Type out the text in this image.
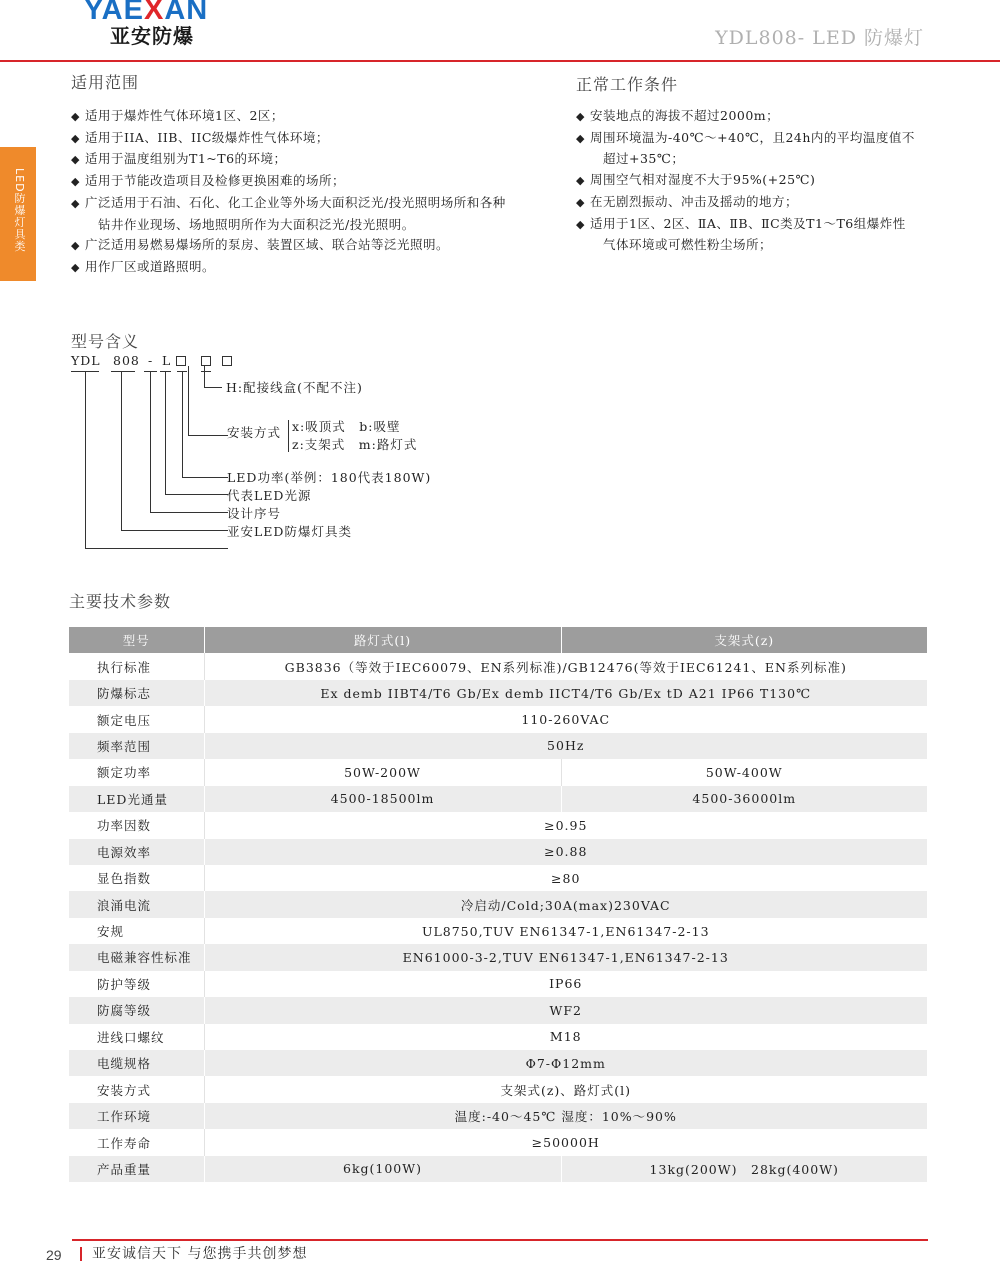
YAEXAN
亚安防爆	YDL808- LED 防爆灯
LED防爆灯具类
适用范围
◆ 适用于爆炸性气体环境1区、2区；
◆ 适用于IIA、IIB、IIC级爆炸性气体环境；
◆ 适用于温度组别为T1~T6的环境；
◆ 适用于节能改造项目及检修更换困难的场所；
◆ 广泛适用于石油、石化、化工企业等外场大面积泛光/投光照明场所和各种
钻井作业现场、场地照明所作为大面积泛光/投光照明。
◆ 广泛适用易燃易爆场所的泵房、装置区域、联合站等泛光照明。
◆ 用作厂区或道路照明。
正常工作条件
◆ 安装地点的海拔不超过2000m；
◆ 周围环境温为-40℃～+40℃，且24h内的平均温度值不
超过+35℃；
◆ 周围空气相对湿度不大于95%(+25℃)
◆ 在无剧烈振动、冲击及摇动的地方；
◆ 适用于1区、2区、ⅡA、ⅡB、ⅡC类及T1～T6组爆炸性
气体环境或可燃性粉尘场所；
型号含义
YDL 808 - L
H:配接线盒(不配不注)
安装方式 x:吸顶式　b:吸壁
z:支架式　m:路灯式
LED功率(举例：180代表180W)
代表LED光源
设计序号
亚安LED防爆灯具类
主要技术参数
型号	路灯式(l)	支架式(z)
执行标准	GB3836（等效于IEC60079、EN系列标准)/GB12476(等效于IEC61241、EN系列标准)	
防爆标志	Ex demb IIBT4/T6 Gb/Ex demb IICT4/T6 Gb/Ex tD A21 IP66 T130℃	
额定电压	110-260VAC	
频率范围	50Hz	
额定功率	50W-200W	50W-400W
LED光通量	4500-18500lm	4500-36000lm
功率因数	≥0.95	
电源效率	≥0.88	
显色指数	≥80	
浪涌电流	冷启动/Cold;30A(max)230VAC	
安规	UL8750,TUV EN61347-1,EN61347-2-13	
电磁兼容性标准	EN61000-3-2,TUV EN61347-1,EN61347-2-13	
防护等级	IP66	
防腐等级	WF2	
进线口螺纹	M18	
电缆规格	Φ7-Φ12mm	
安装方式	支架式(z)、路灯式(l)	
工作环境	温度:-40～45℃ 湿度：10%～90%	
工作寿命	≥50000H	
产品重量	6kg(100W)	13kg(200W)　28kg(400W)
29 亚安诚信天下 与您携手共创梦想
